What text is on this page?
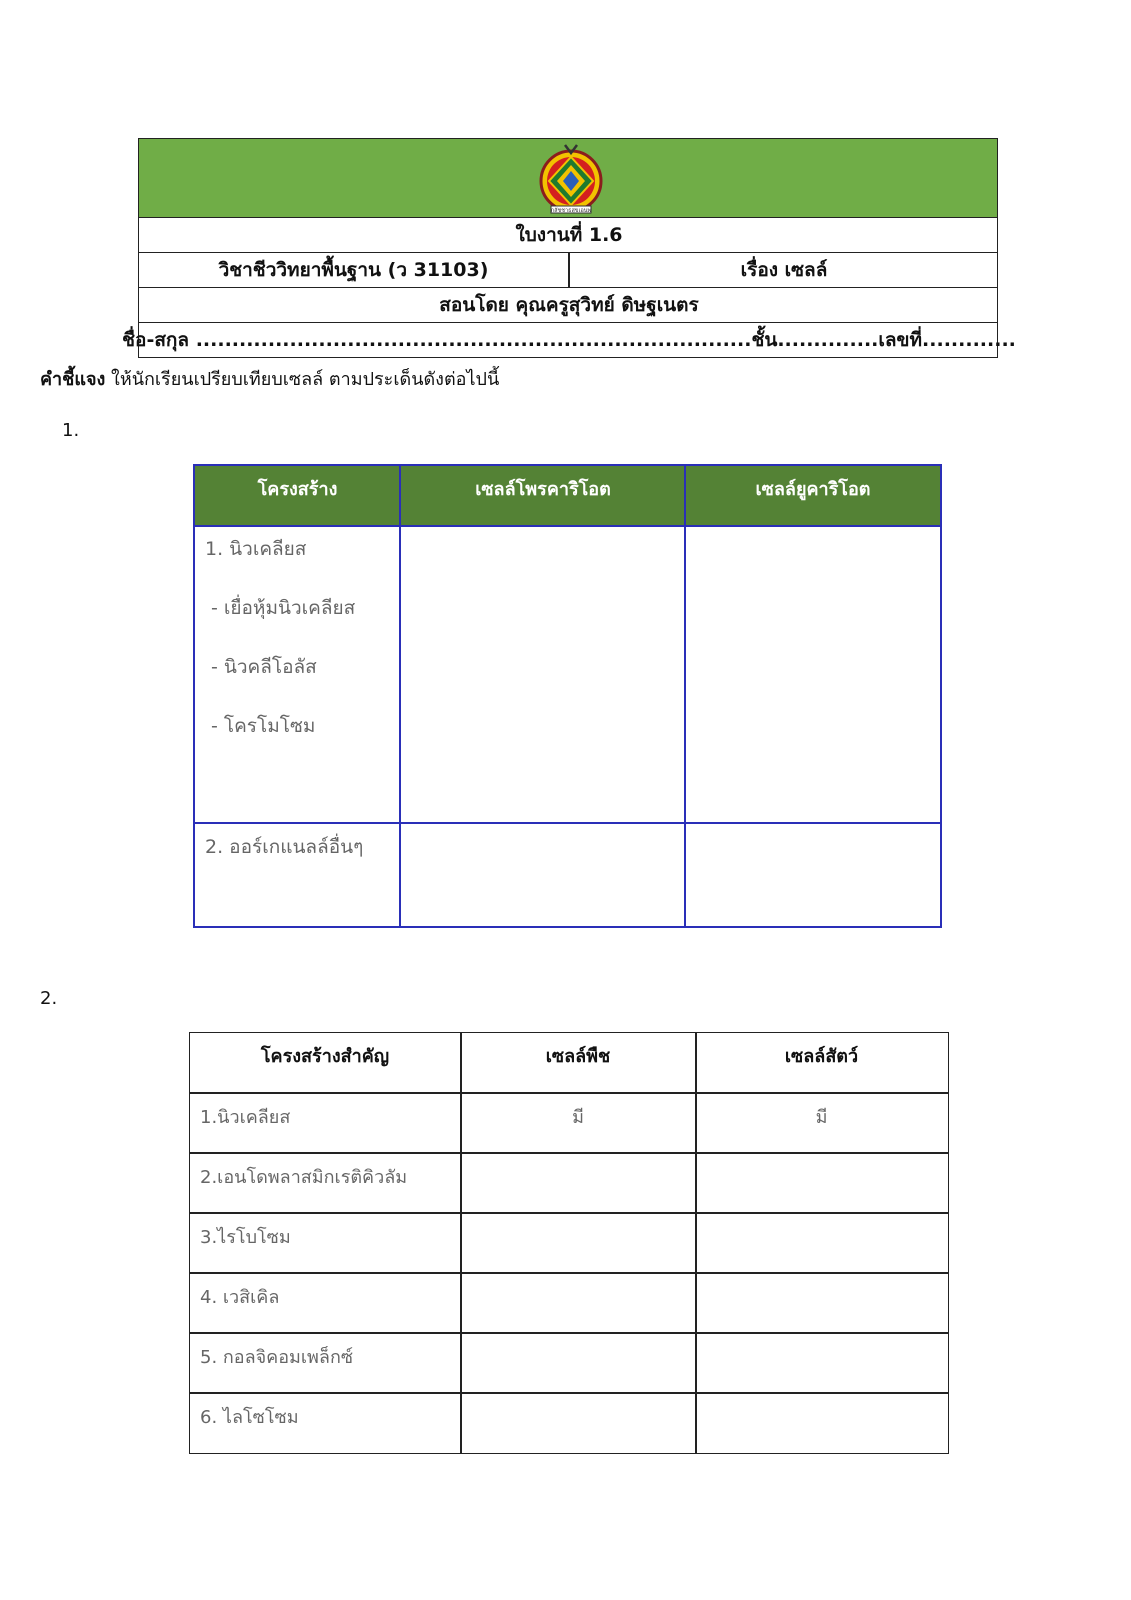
กลัชชาธสุขเอนพ
ใบงานที่ 1.6
วิชาชีววิทยาพื้นฐาน (ว 31103)	เรื่อง เซลล์
สอนโดย คุณครูสุวิทย์ ดิษฐเนตร
ชื่อ-สกุล .............................................................................ชั้น..............เลขที่.............
คำชี้แจง ให้นักเรียนเปรียบเทียบเซลล์ ตามประเด็นดังต่อไปนี้
1.
โครงสร้าง	เซลล์โพรคาริโอต	เซลล์ยูคาริโอต
1. นิวเคลียส
- เยื่อหุ้มนิวเคลียส
- นิวคลีโอลัส
- โครโมโซม
2. ออร์เกแนลล์อื่นๆ
2.
โครงสร้างสำคัญ	เซลล์พืช	เซลล์สัตว์
1.นิวเคลียส	มี	มี
2.เอนโดพลาสมิกเรติคิวลัม
3.ไรโบโซม
4. เวสิเคิล
5. กอลจิคอมเพล็กซ์
6. ไลโซโซม
